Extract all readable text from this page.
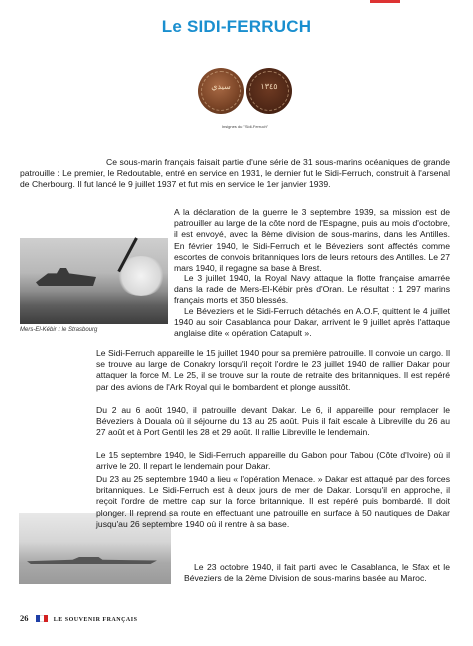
Le SIDI-FERRUCH
سيدي	١٣٤٥
Insignes du "Sidi-Ferruch"

Ce sous-marin français faisait partie d'une série de 31 sous-marins océaniques de grande patrouille : Le premier, le Redoutable, entré en service en 1931, le dernier fut le Sidi-Ferruch, construit à l'arsenal de Cherbourg. Il fut lancé le 9 juillet 1937 et fut mis en service le 1er janvier 1939.

Mers-El-Kébir : le Strasbourg

A la déclaration de la guerre le 3 septembre 1939, sa mission est de patrouiller au large de la côte nord de l'Espagne, puis au mois d'octobre, il est envoyé, avec la 8ème division de sous-marins, dans les Antilles. En février 1940, le Sidi-Ferruch et le Béveziers sont affectés comme escortes de convois britanniques lors de leurs retours des Antilles. Le 27 mars 1940, il regagne sa base à Brest.

Le 3 juillet 1940, la Royal Navy attaque la flotte française amarrée dans la rade de Mers-El-Kébir près d'Oran. Le résultat : 1 297 marins français morts et 350 blessés.

Le Béveziers et le Sidi-Ferruch détachés en A.O.F, quittent le 4 juillet 1940 au soir Casablanca pour Dakar, arrivent le 9 juillet après l'attaque anglaise dite « opération Catapult ».

Le Sidi-Ferruch appareille le 15 juillet 1940 pour sa première patrouille. Il convoie un cargo. Il se trouve au large de Conakry lorsqu'il reçoit l'ordre le 23 juillet 1940 de rallier Dakar pour attaquer la force M. Le 25, il se trouve sur la route de retraite des britanniques. Il est repéré par des avions de l'Ark Royal qui le bombardent et plonge aussitôt.

Du 2 au 6 août 1940, il patrouille devant Dakar. Le 6, il appareille pour remplacer le Béveziers à Douala où il séjourne du 13 au 25 août. Puis il fait escale à Libreville du 26 au 27 août et à Port Gentil les 28 et 29 août. Il rallie Libreville le lendemain.

Le 15 septembre 1940, le Sidi-Ferruch appareille du Gabon pour Tabou (Côte d'Ivoire) où il arrive le 20. Il repart le lendemain pour Dakar.

Du 23 au 25 septembre 1940 a lieu « l'opération Menace. » Dakar est attaqué par des forces britanniques. Le Sidi-Ferruch est à deux jours de mer de Dakar. Lorsqu'il en approche, il reçoit l'ordre de mettre cap sur la force britannique. Il est repéré puis bombardé. Il doit plonger. Il reprend sa route en effectuant une patrouille en surface à 50 nautiques de Dakar jusqu'au 26 septembre 1940 où il rentre à sa base.

Le 23 octobre 1940, il fait parti avec le Casablanca, le Sfax et le Béveziers de la 2ème Division de sous-marins basée au Maroc.

26	LE SOUVENIR FRANÇAIS
